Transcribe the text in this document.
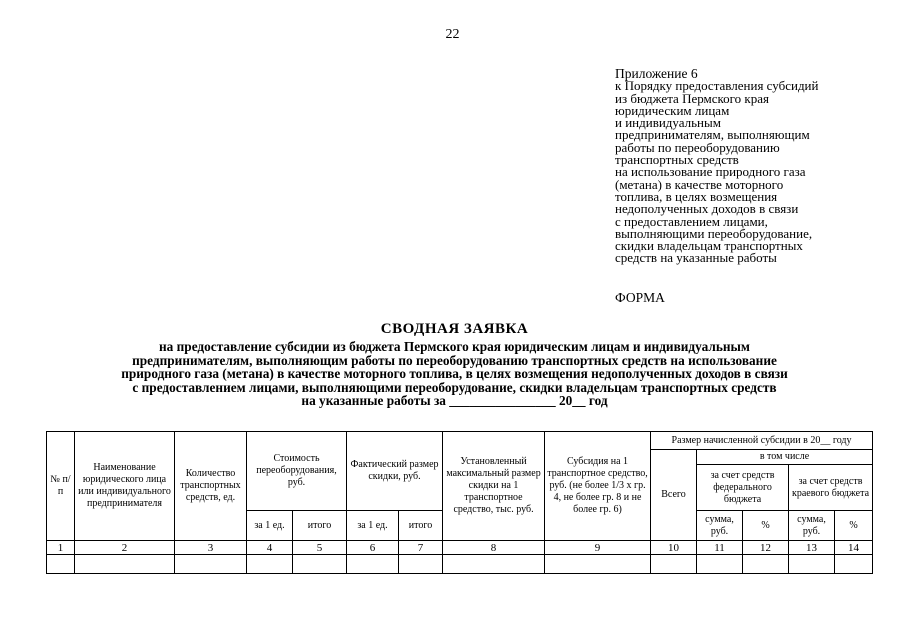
22
Приложение 6
к Порядку предоставления субсидий
из бюджета Пермского края
юридическим лицам
и индивидуальным
предпринимателям, выполняющим
работы по переоборудованию
транспортных средств
на использование природного газа
(метана) в качестве моторного
топлива, в целях возмещения
недополученных доходов в связи
с предоставлением лицами,
выполняющими переоборудование,
скидки владельцам транспортных
средств на указанные работы
ФОРМА
СВОДНАЯ ЗАЯВКА
на предоставление субсидии из бюджета Пермского края юридическим лицам и индивидуальным
предпринимателям, выполняющим работы по переоборудованию транспортных средств на использование
природного газа (метана) в качестве моторного топлива, в целях возмещения недополученных доходов в связи
с предоставлением лицами, выполняющими переоборудование, скидки владельцам транспортных средств
на указанные работы за ________________ 20__ год
№ п/п	Наименование юридического лица или индивидуального предпринимателя	Количество транспортных средств, ед.	Стоимость переоборудования, руб.		Фактический размер скидки, руб.		Установленный максимальный размер скидки на 1 транспортное средство, тыс. руб.	Субсидия на 1 транспортное средство, руб. (не более 1/3 х гр. 4, не более гр. 8 и не более гр. 6)	Размер начисленной субсидии в 20__ году				
									Всего	в том числе			
										за счет средств федерального бюджета		за счет средств краевого бюджета	
			за 1 ед.	итого	за 1 ед.	итого				сумма, руб.	%	сумма, руб.	%
1	2	3	4	5	6	7	8	9	10	11	12	13	14
